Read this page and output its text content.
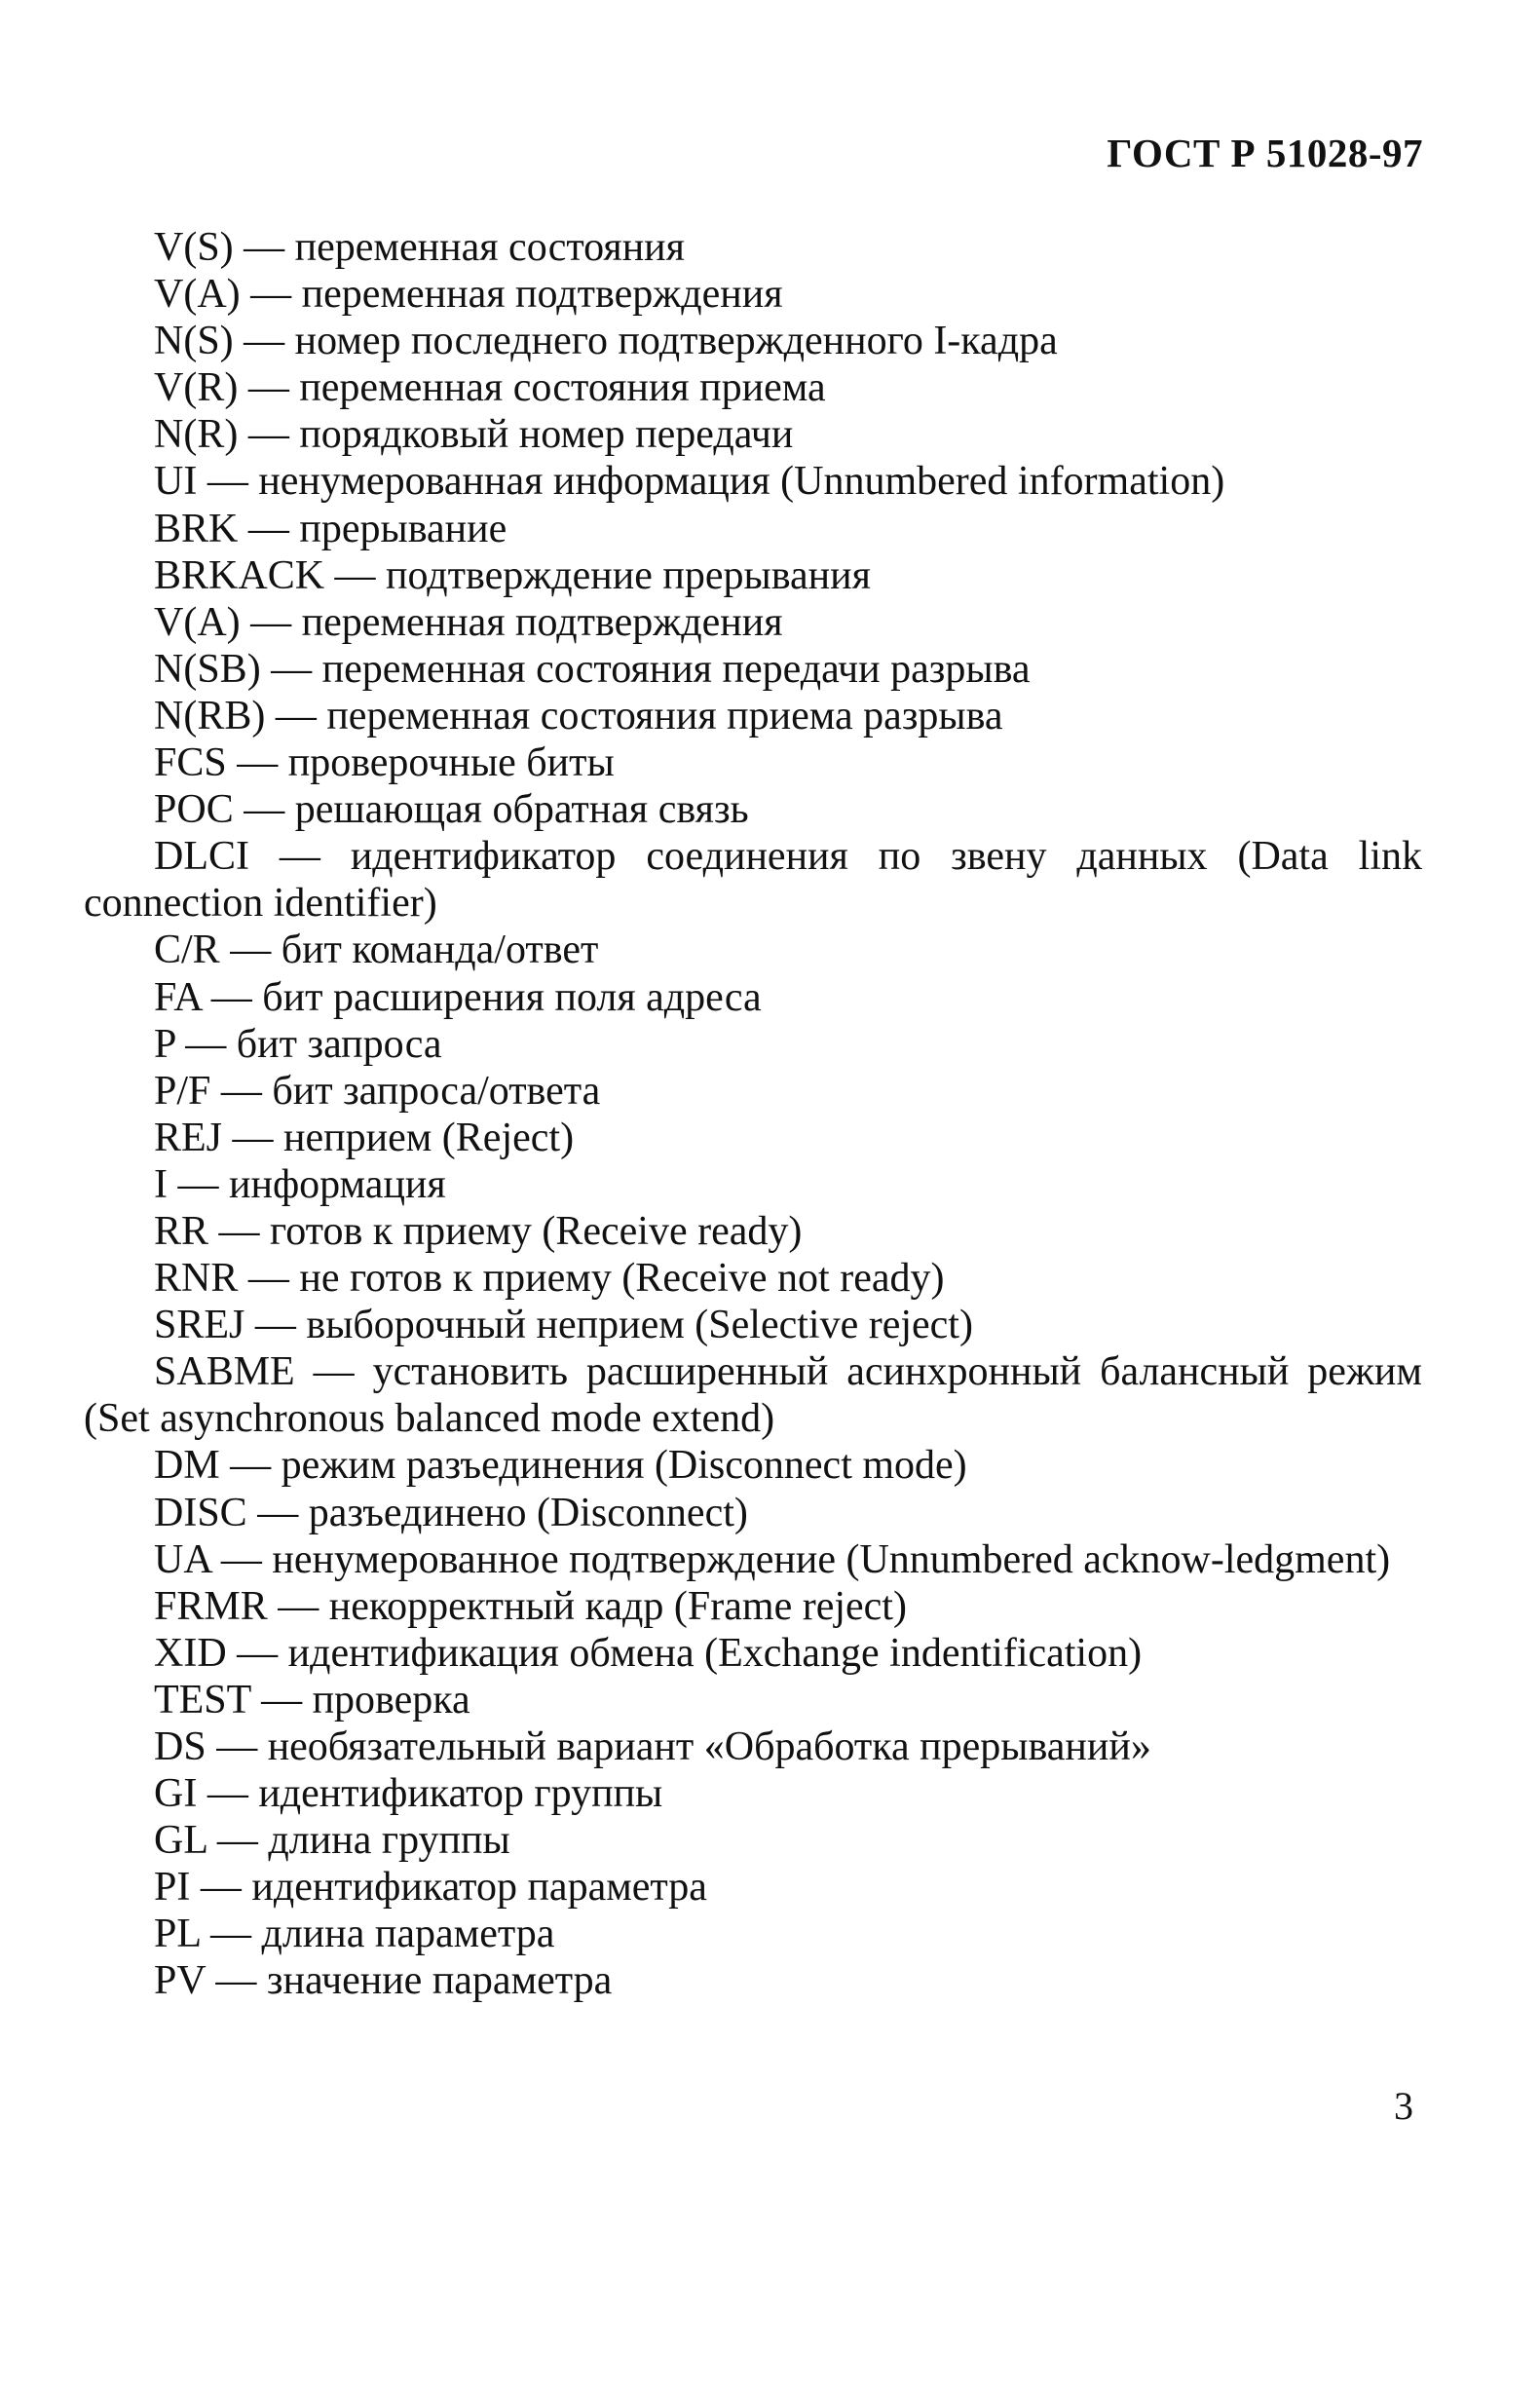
ГОСТ Р 51028-97
V(S) — переменная состояния
V(A) — переменная подтверждения
N(S) — номер последнего подтвержденного I-кадра
V(R) — переменная состояния приема
N(R) — порядковый номер передачи
UI — ненумерованная информация (Unnumbered information)
BRK — прерывание
BRKACK — подтверждение прерывания
V(A) — переменная подтверждения
N(SB) — переменная состояния передачи разрыва
N(RB) — переменная состояния приема разрыва
FCS — проверочные биты
POC — решающая обратная связь
DLCI — идентификатор соединения по звену данных (Data link connection identifier)
C/R — бит команда/ответ
FA — бит расширения поля адреса
P — бит запроса
P/F — бит запроса/ответа
REJ — неприем (Reject)
I — информация
RR — готов к приему (Receive ready)
RNR — не готов к приему (Receive not ready)
SREJ — выборочный неприем (Selective reject)
SABME — установить расширенный асинхронный балансный режим (Set asynchronous balanced mode extend)
DM — режим разъединения (Disconnect mode)
DISC — разъединено (Disconnect)
UA — ненумерованное подтверждение (Unnumbered acknow-ledgment)
FRMR — некорректный кадр (Frame reject)
XID — идентификация обмена (Exchange indentification)
TEST — проверка
DS — необязательный вариант «Обработка прерываний»
GI — идентификатор группы
GL — длина группы
PI — идентификатор параметра
PL — длина параметра
PV — значение параметра
3
